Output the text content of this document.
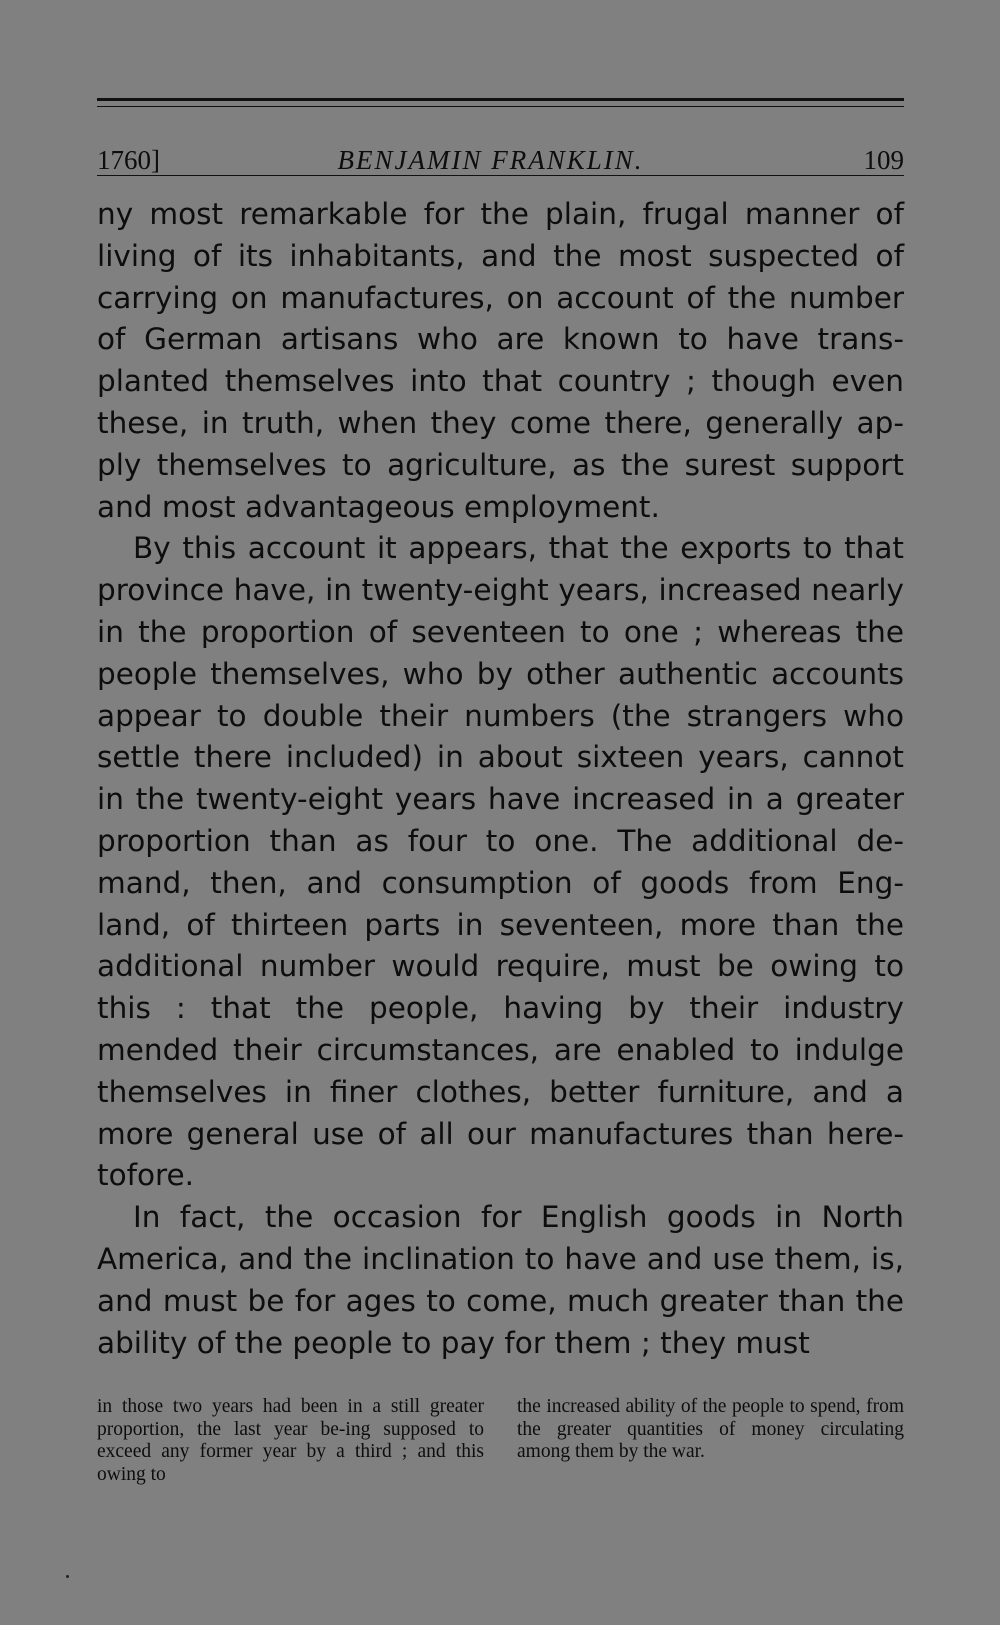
1760]	BENJAMIN FRANKLIN.	109

ny most remarkable for the plain, frugal manner of living of its inhabitants, and the most suspected of carrying on manufactures, on account of the number of German artisans who are known to have trans-planted themselves into that country ; though even these, in truth, when they come there, generally ap-ply themselves to agriculture, as the surest support and most advantageous employment.

By this account it appears, that the exports to that province have, in twenty-eight years, increased nearly in the proportion of seventeen to one ; whereas the people themselves, who by other authentic accounts appear to double their numbers (the strangers who settle there included) in about sixteen years, cannot in the twenty-eight years have increased in a greater proportion than as four to one. The additional de-mand, then, and consumption of goods from Eng-land, of thirteen parts in seventeen, more than the additional number would require, must be owing to this : that the people, having by their industry mended their circumstances, are enabled to indulge themselves in finer clothes, better furniture, and a more general use of all our manufactures than here-tofore.

In fact, the occasion for English goods in North America, and the inclination to have and use them, is, and must be for ages to come, much greater than the ability of the people to pay for them ; they must

in those two years had been in a still greater proportion, the last year be-ing supposed to exceed any former year by a third ; and this owing to
the increased ability of the people to spend, from the greater quantities of money circulating among them by the war.
